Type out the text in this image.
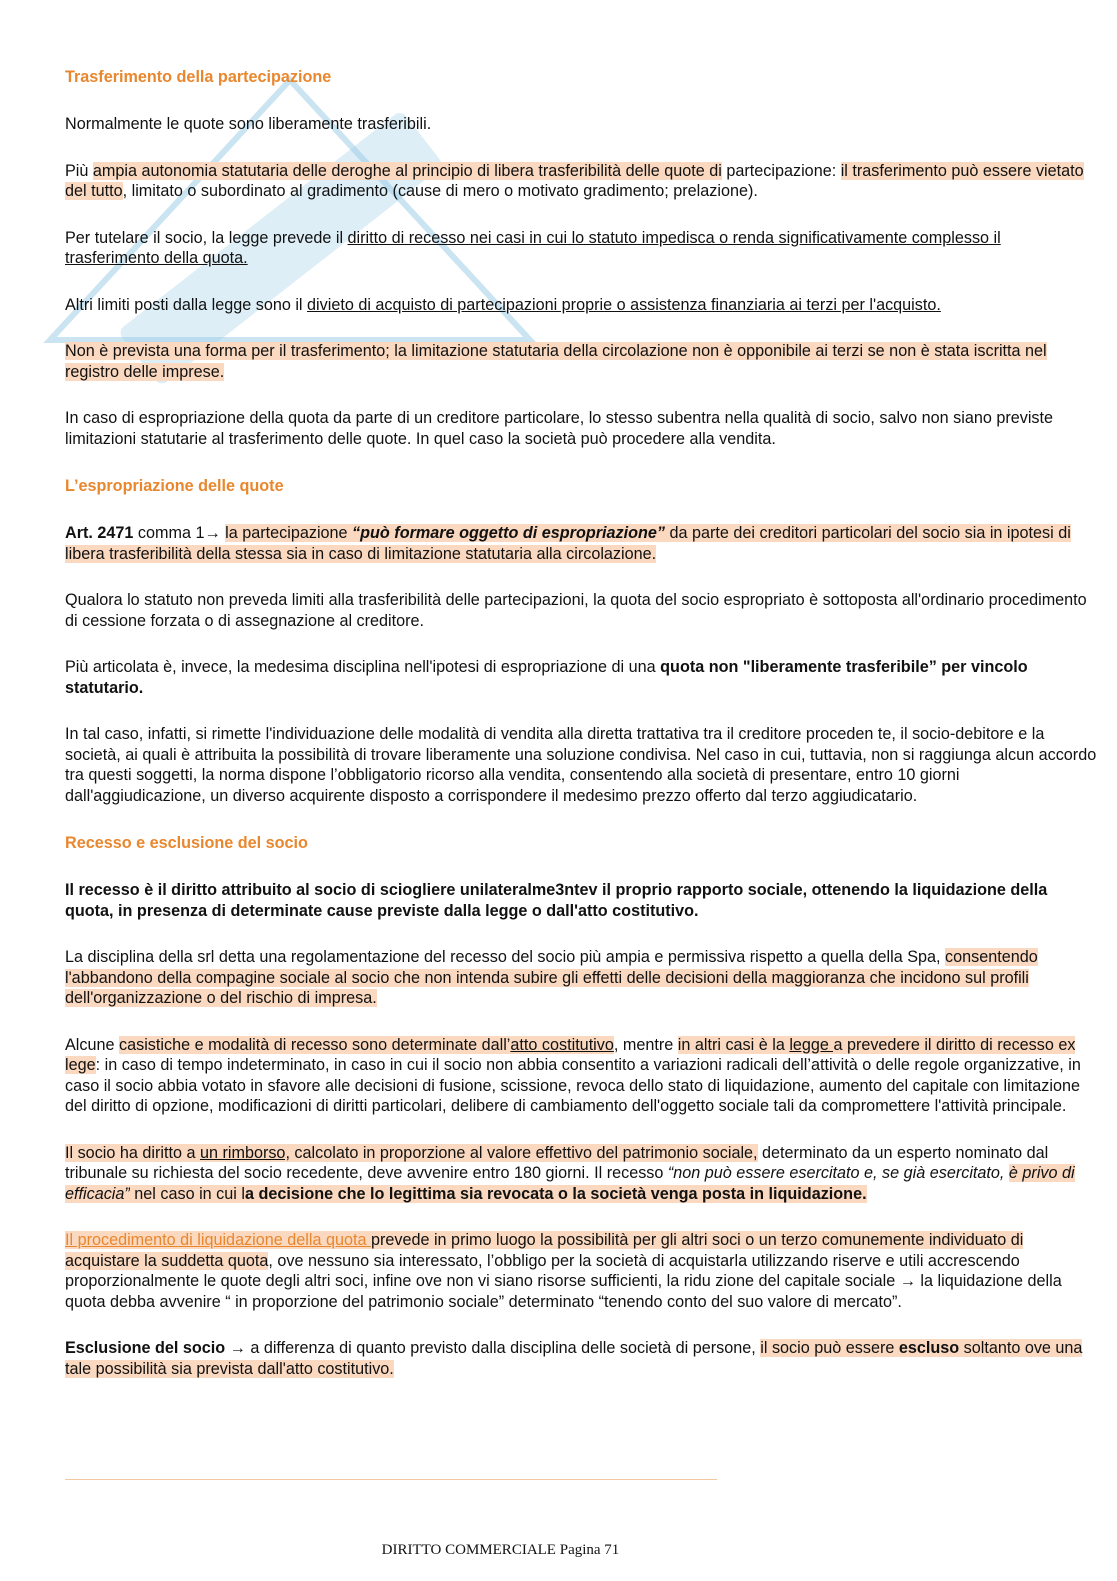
Trasferimento della partecipazione

Normalmente le quote sono liberamente trasferibili.

Più ampia autonomia statutaria delle deroghe al principio di libera trasferibilità delle quote di partecipazione: il trasferimento può essere vietato del tutto, limitato o subordinato al gradimento (cause di mero o motivato gradimento; prelazione).

Per tutelare il socio, la legge prevede il diritto di recesso nei casi in cui lo statuto impedisca o renda significativamente complesso il trasferimento della quota.

Altri limiti posti dalla legge sono il divieto di acquisto di partecipazioni proprie o assistenza finanziaria ai terzi per l'acquisto.

Non è prevista una forma per il trasferimento; la limitazione statutaria della circolazione non è opponibile ai terzi se non è stata iscritta nel registro delle imprese.

In caso di espropriazione della quota da parte di un creditore particolare, lo stesso subentra nella qualità di socio, salvo non siano previste limitazioni statutarie al trasferimento delle quote. In quel caso la società può procedere alla vendita.

L’espropriazione delle quote

Art. 2471 comma 1→ la partecipazione “può formare oggetto di espropriazione” da parte dei creditori particolari del socio sia in ipotesi di libera trasferibilità della stessa sia in caso di limitazione statutaria alla circolazione.

Qualora lo statuto non preveda limiti alla trasferibilità delle partecipazioni, la quota del socio espropriato è sottoposta all'ordinario procedimento di cessione forzata o di assegnazione al creditore.

Più articolata è, invece, la medesima disciplina nell'ipotesi di espropriazione di una quota non "liberamente trasferibile” per vincolo statutario.

In tal caso, infatti, si rimette l'individuazione delle modalità di vendita alla diretta trattativa tra il creditore proceden te, il socio-debitore e la società, ai quali è attribuita la possibilità di trovare liberamente una soluzione condivisa. Nel caso in cui, tuttavia, non si raggiunga alcun accordo tra questi soggetti, la norma dispone l’obbligatorio ricorso alla vendita, consentendo alla società di presentare, entro 10 giorni dall'aggiudicazione, un diverso acquirente disposto a corrispondere il medesimo prezzo offerto dal terzo aggiudicatario.

Recesso e esclusione del socio

Il recesso è il diritto attribuito al socio di sciogliere unilateralme3ntev il proprio rapporto sociale, ottenendo la liquidazione della quota, in presenza di determinate cause previste dalla legge o dall'atto costitutivo.

La disciplina della srl detta una regolamentazione del recesso del socio più ampia e permissiva rispetto a quella della Spa, consentendo l'abbandono della compagine sociale al socio che non intenda subire gli effetti delle decisioni della maggioranza che incidono sul profili dell'organizzazione o del rischio di impresa.

Alcune casistiche e modalità di recesso sono determinate dall’atto costitutivo, mentre in altri casi è la legge a prevedere il diritto di recesso ex lege: in caso di tempo indeterminato, in caso in cui il socio non abbia consentito a variazioni radicali dell’attività o delle regole organizzative, in caso il socio abbia votato in sfavore alle decisioni di fusione, scissione, revoca dello stato di liquidazione, aumento del capitale con limitazione del diritto di opzione, modificazioni di diritti particolari, delibere di cambiamento dell'oggetto sociale tali da compromettere l'attività principale.

Il socio ha diritto a un rimborso, calcolato in proporzione al valore effettivo del patrimonio sociale, determinato da un esperto nominato dal tribunale su richiesta del socio recedente, deve avvenire entro 180 giorni. Il recesso “non può essere esercitato e, se già esercitato, è privo di efficacia” nel caso in cui la decisione che lo legittima sia revocata o la società venga posta in liquidazione.

Il procedimento di liquidazione della quota prevede in primo luogo la possibilità per gli altri soci o un terzo comunemente individuato di acquistare la suddetta quota, ove nessuno sia interessato, l’obbligo per la società di acquistarla utilizzando riserve e utili accrescendo proporzionalmente le quote degli altri soci, infine ove non vi siano risorse sufficienti, la ridu zione del capitale sociale → la liquidazione della quota debba avvenire “ in proporzione del patrimonio sociale” determinato “tenendo conto del suo valore di mercato”.

Esclusione del socio → a differenza di quanto previsto dalla disciplina delle società di persone, il socio può essere escluso soltanto ove una tale possibilità sia prevista dall'atto costitutivo.

DIRITTO COMMERCIALE Pagina 71
